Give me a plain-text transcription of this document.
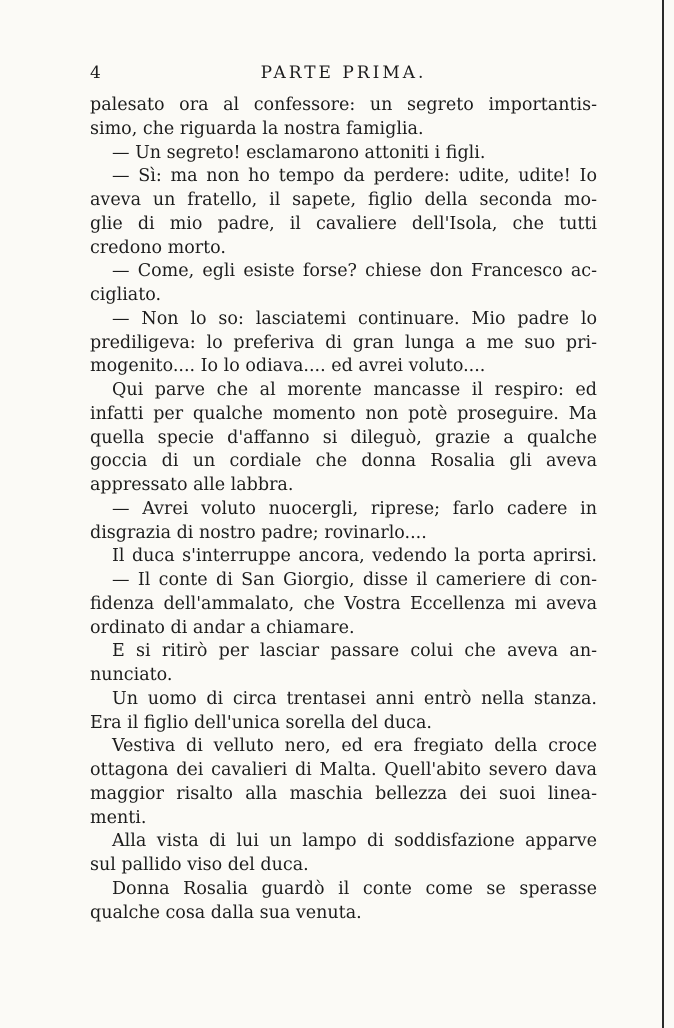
4	PARTE PRIMA.
palesato ora al confessore: un segreto importantis-
simo, che riguarda la nostra famiglia.
— Un segreto! esclamarono attoniti i figli.
— Sì: ma non ho tempo da perdere: udite, udite! Io
aveva un fratello, il sapete, figlio della seconda mo-
glie di mio padre, il cavaliere dell'Isola, che tutti
credono morto.
— Come, egli esiste forse? chiese don Francesco ac-
cigliato.
— Non lo so: lasciatemi continuare. Mio padre lo
prediligeva: lo preferiva di gran lunga a me suo pri-
mogenito.... Io lo odiava.... ed avrei voluto....
Qui parve che al morente mancasse il respiro: ed
infatti per qualche momento non potè proseguire. Ma
quella specie d'affanno si dileguò, grazie a qualche
goccia di un cordiale che donna Rosalia gli aveva
appressato alle labbra.
— Avrei voluto nuocergli, riprese; farlo cadere in
disgrazia di nostro padre; rovinarlo....
Il duca s'interruppe ancora, vedendo la porta aprirsi.
— Il conte di San Giorgio, disse il cameriere di con-
fidenza dell'ammalato, che Vostra Eccellenza mi aveva
ordinato di andar a chiamare.
E si ritirò per lasciar passare colui che aveva an-
nunciato.
Un uomo di circa trentasei anni entrò nella stanza.
Era il figlio dell'unica sorella del duca.
Vestiva di velluto nero, ed era fregiato della croce
ottagona dei cavalieri di Malta. Quell'abito severo dava
maggior risalto alla maschia bellezza dei suoi linea-
menti.
Alla vista di lui un lampo di soddisfazione apparve
sul pallido viso del duca.
Donna Rosalia guardò il conte come se sperasse
qualche cosa dalla sua venuta.
